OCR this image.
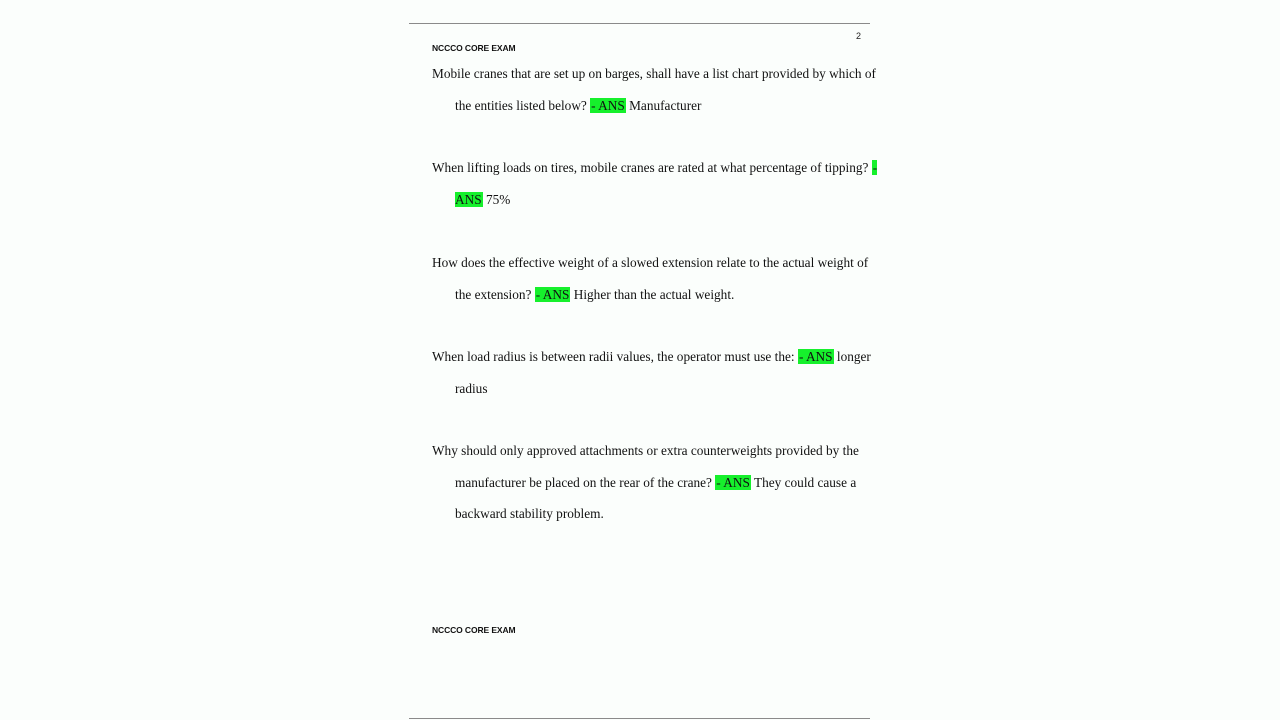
2
NCCCO CORE EXAM

Mobile cranes that are set up on barges, shall have a list chart provided by which of the entities listed below? - ANS Manufacturer

When lifting loads on tires, mobile cranes are rated at what percentage of tipping? - ANS 75%

How does the effective weight of a slowed extension relate to the actual weight of the extension? - ANS Higher than the actual weight.

When load radius is between radii values, the operator must use the: - ANS longer radius

Why should only approved attachments or extra counterweights provided by the manufacturer be placed on the rear of the crane? - ANS They could cause a backward stability problem.

NCCCO CORE EXAM
